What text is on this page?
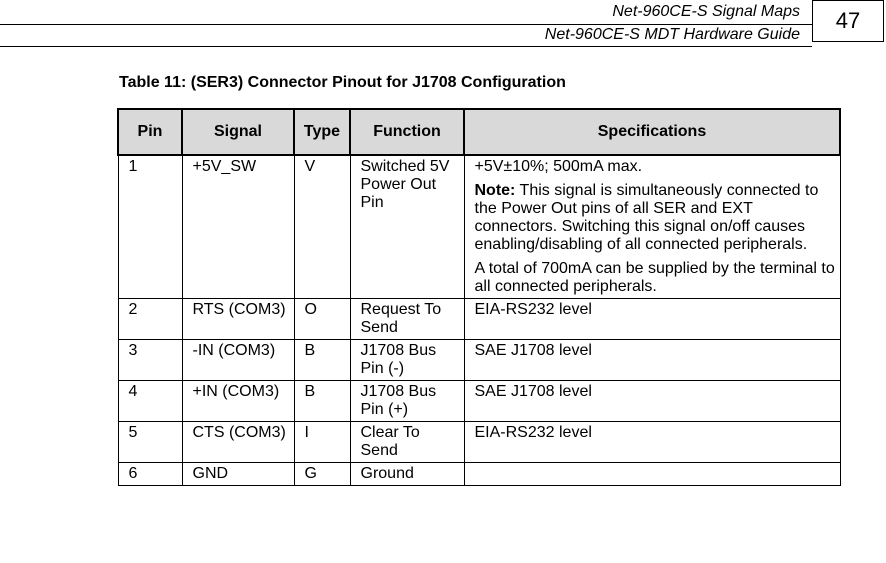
Net-960CE-S Signal Maps
Net-960CE-S MDT Hardware Guide
47
Table 11: (SER3) Connector Pinout for J1708 Configuration
Pin	Signal	Type	Function	Specifications
1	+5V_SW	V	Switched 5V Power Out Pin	+5V±10%; 500mA max.
Note: This signal is simultaneously connected to the Power Out pins of all SER and EXT connectors. Switching this signal on/off causes enabling/disabling of all connected peripherals.
A total of 700mA can be supplied by the terminal to all connected peripherals.

2	RTS (COM3)	O	Request To Send	EIA-RS232 level
3	-IN (COM3)	B	J1708 Bus Pin (-)	SAE J1708 level
4	+IN (COM3)	B	J1708 Bus Pin (+)	SAE J1708 level
5	CTS (COM3)	I	Clear To Send	EIA-RS232 level
6	GND	G	Ground	
